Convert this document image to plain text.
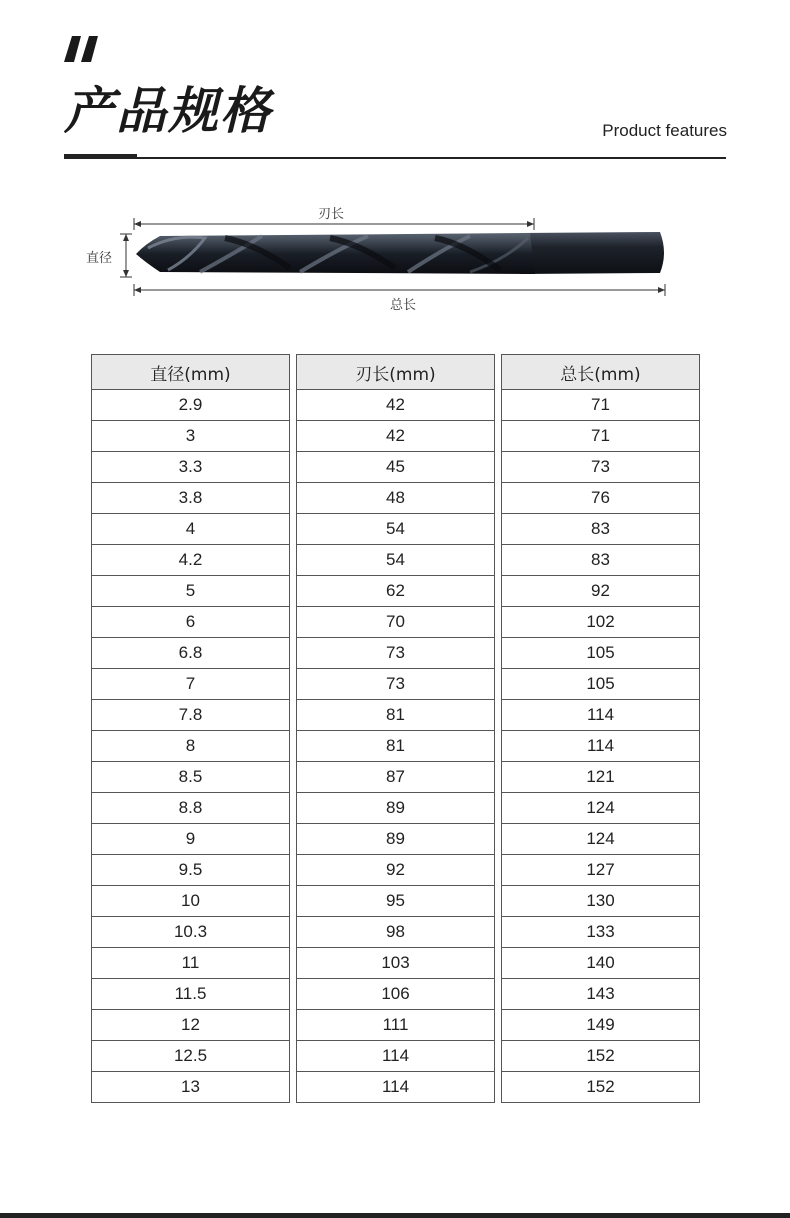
产品规格	Product features
刃长
直径
总长
直径(mm)
2.9
3
3.3
3.8
4
4.2
5
6
6.8
7
7.8
8
8.5
8.8
9
9.5
10
10.3
11
11.5
12
12.5
13
刃长(mm)
42
42
45
48
54
54
62
70
73
73
81
81
87
89
89
92
95
98
103
106
111
114
114
总长(mm)
71
71
73
76
83
83
92
102
105
105
114
114
121
124
124
127
130
133
140
143
149
152
152
